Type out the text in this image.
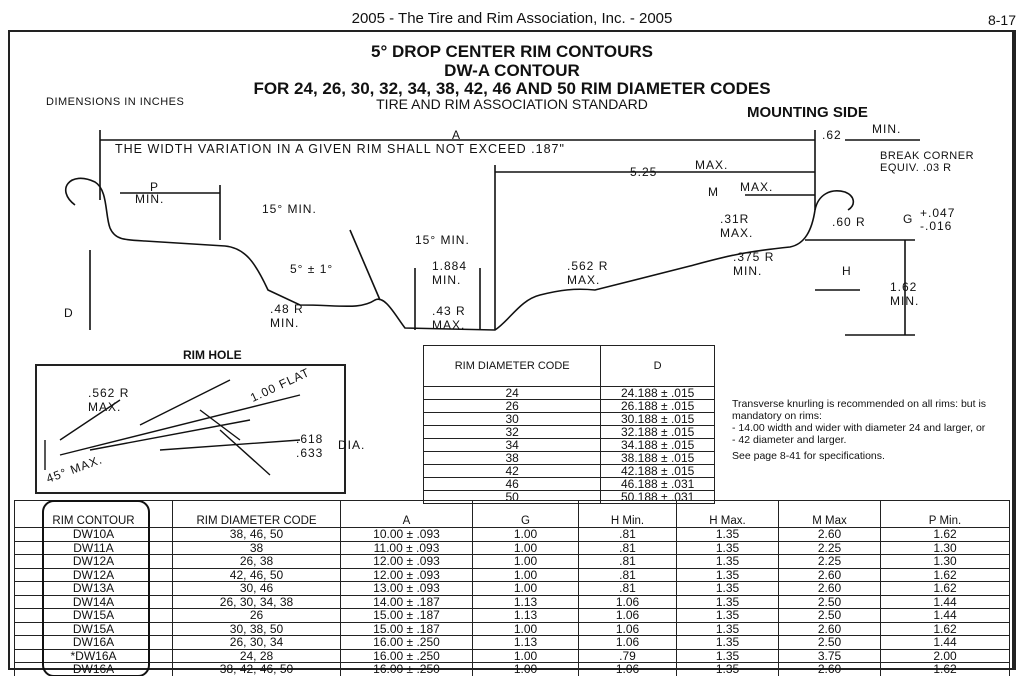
2005 - The Tire and Rim Association, Inc. - 2005	8-17
5° DROP CENTER RIM CONTOURS
DW-A CONTOUR
FOR 24, 26, 30, 32, 34, 38, 42, 46 AND 50 RIM DIAMETER CODES
TIRE AND RIM ASSOCIATION STANDARD
DIMENSIONS IN INCHES
MOUNTING SIDE
A
THE WIDTH VARIATION IN A GIVEN RIM SHALL NOT EXCEED .187"
.62	MIN.
BREAK CORNER EQUIV. .03 R
5.25	MAX.
M MAX.
P
MIN.
15° MIN.
15° MIN.
5° ± 1°
.31R
MAX.
.60 R	G +.047
-.016
1.884
MIN.
.562 R
MAX.
.375 R
MIN.	H
1.62
MIN.
D	.48 R
MIN.
.43 R
MAX.
RIM HOLE
.562 R
MAX.
1.00 FLAT
.618
.633
DIA.
45° MAX.
RIM DIAMETER CODE	D
24	24.188 ± .015
26	26.188 ± .015
30	30.188 ± .015
32	32.188 ± .015
34	34.188 ± .015
38	38.188 ± .015
42	42.188 ± .015
46	46.188 ± .031
50	50.188 ± .031
Transverse knurling is recommended on all rims: but is mandatory on rims:
- 14.00 width and wider with diameter 24 and larger, or
- 42 diameter and larger.
See page 8-41 for specifications.
RIM CONTOUR	RIM DIAMETER CODE	A	G	H Min.	H Max.	M Max	P Min.
DW10A	38, 46, 50	10.00 ± .093	1.00	.81	1.35	2.60	1.62
DW11A	38	11.00 ± .093	1.00	.81	1.35	2.25	1.30
DW12A	26, 38	12.00 ± .093	1.00	.81	1.35	2.25	1.30
DW12A	42, 46, 50	12.00 ± .093	1.00	.81	1.35	2.60	1.62
DW13A	30, 46	13.00 ± .093	1.00	.81	1.35	2.60	1.62
DW14A	26, 30, 34, 38	14.00 ± .187	1.13	1.06	1.35	2.50	1.44
DW15A	26	15.00 ± .187	1.13	1.06	1.35	2.50	1.44
DW15A	30, 38, 50	15.00 ± .187	1.00	1.06	1.35	2.60	1.62
DW16A	26, 30, 34	16.00 ± .250	1.13	1.06	1.35	2.50	1.44
*DW16A	24, 28	16.00 ± .250	1.00	.79	1.35	3.75	2.00
DW16A	38, 42, 46, 50	16.00 ± .250	1.00	1.06	1.35	2.60	1.62
